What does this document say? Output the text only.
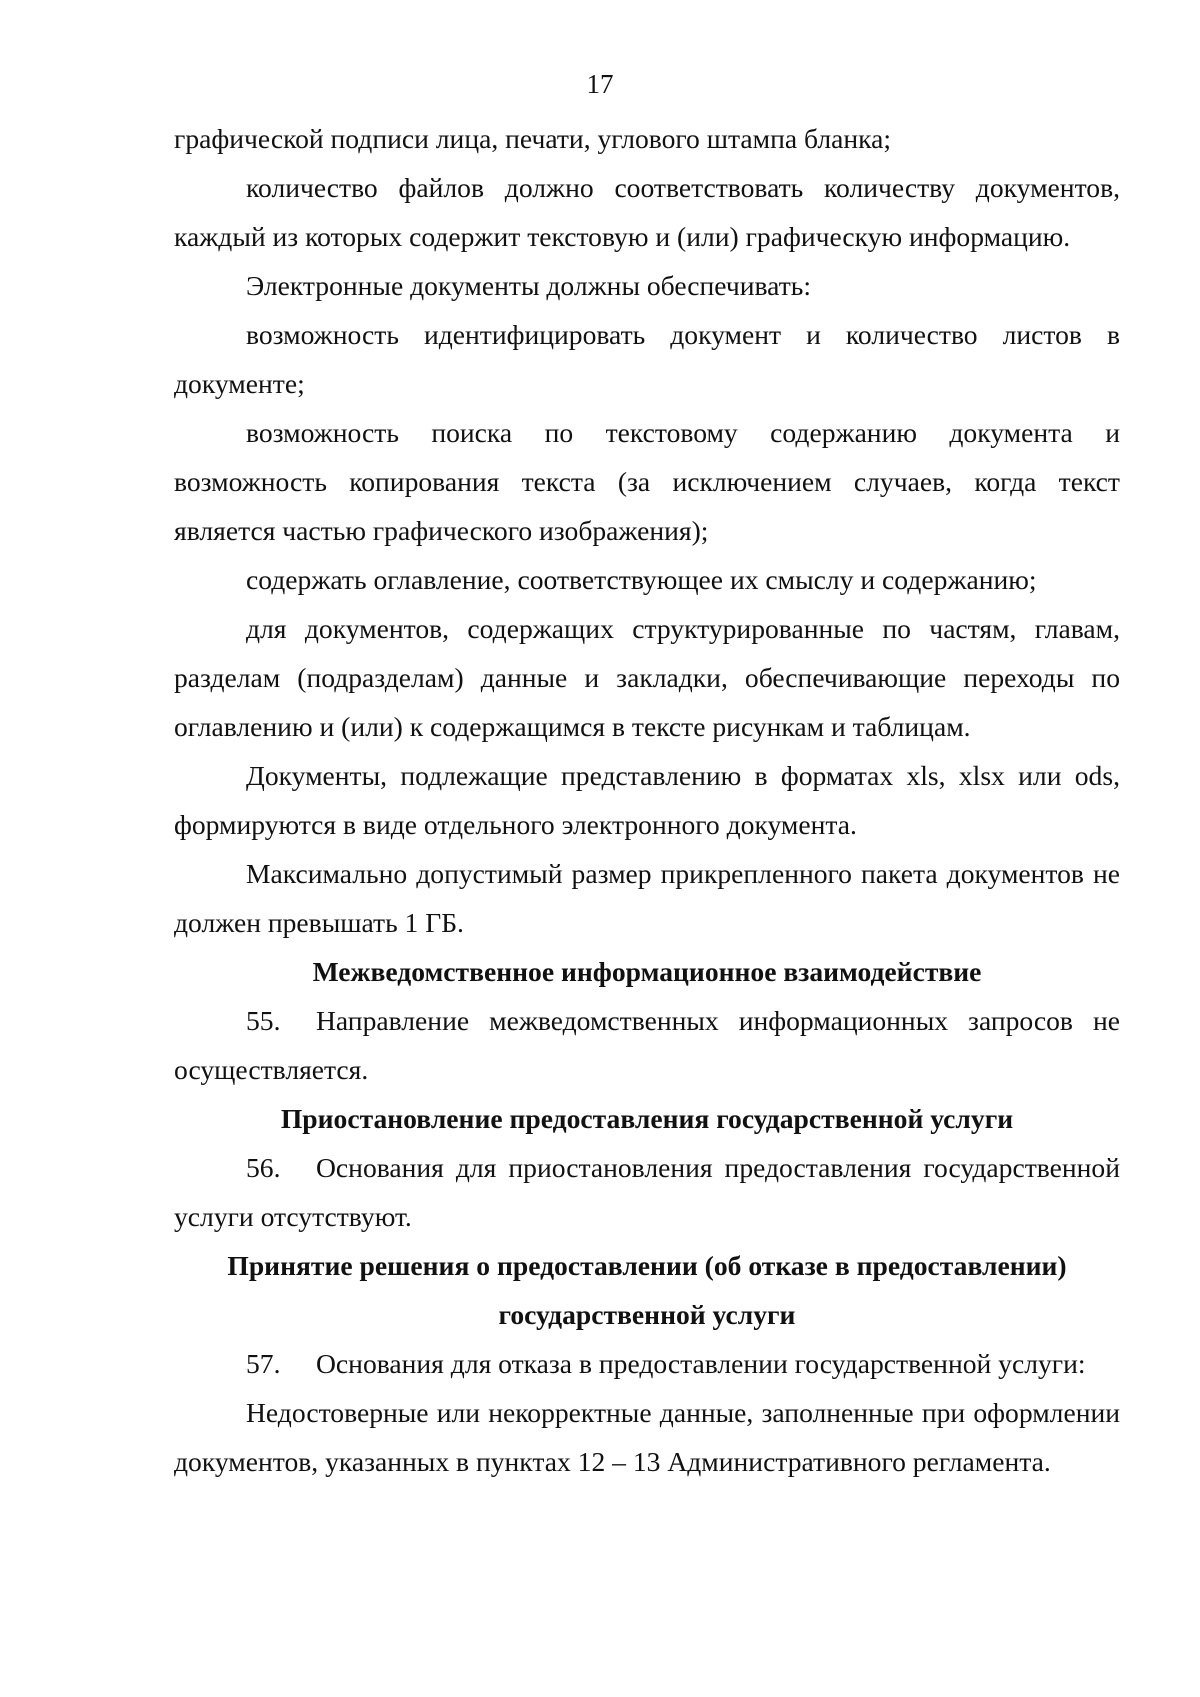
17

графической подписи лица, печати, углового штампа бланка;

количество файлов должно соответствовать количеству документов, каждый из которых содержит текстовую и (или) графическую информацию.

Электронные документы должны обеспечивать:

возможность идентифицировать документ и количество листов в документе;

возможность поиска по текстовому содержанию документа и возможность копирования текста (за исключением случаев, когда текст является частью графического изображения);

содержать оглавление, соответствующее их смыслу и содержанию;

для документов, содержащих структурированные по частям, главам, разделам (подразделам) данные и закладки, обеспечивающие переходы по оглавлению и (или) к содержащимся в тексте рисункам и таблицам.

Документы, подлежащие представлению в форматах xls, xlsx или ods, формируются в виде отдельного электронного документа.

Максимально допустимый размер прикрепленного пакета документов не должен превышать 1 ГБ.

Межведомственное информационное взаимодействие

55. Направление межведомственных информационных запросов не осуществляется.

Приостановление предоставления государственной услуги

56. Основания для приостановления предоставления государственной услуги отсутствуют.

Принятие решения о предоставлении (об отказе в предоставлении)

государственной услуги

57. Основания для отказа в предоставлении государственной услуги:

Недостоверные или некорректные данные, заполненные при оформлении документов, указанных в пунктах 12 – 13 Административного регламента.
